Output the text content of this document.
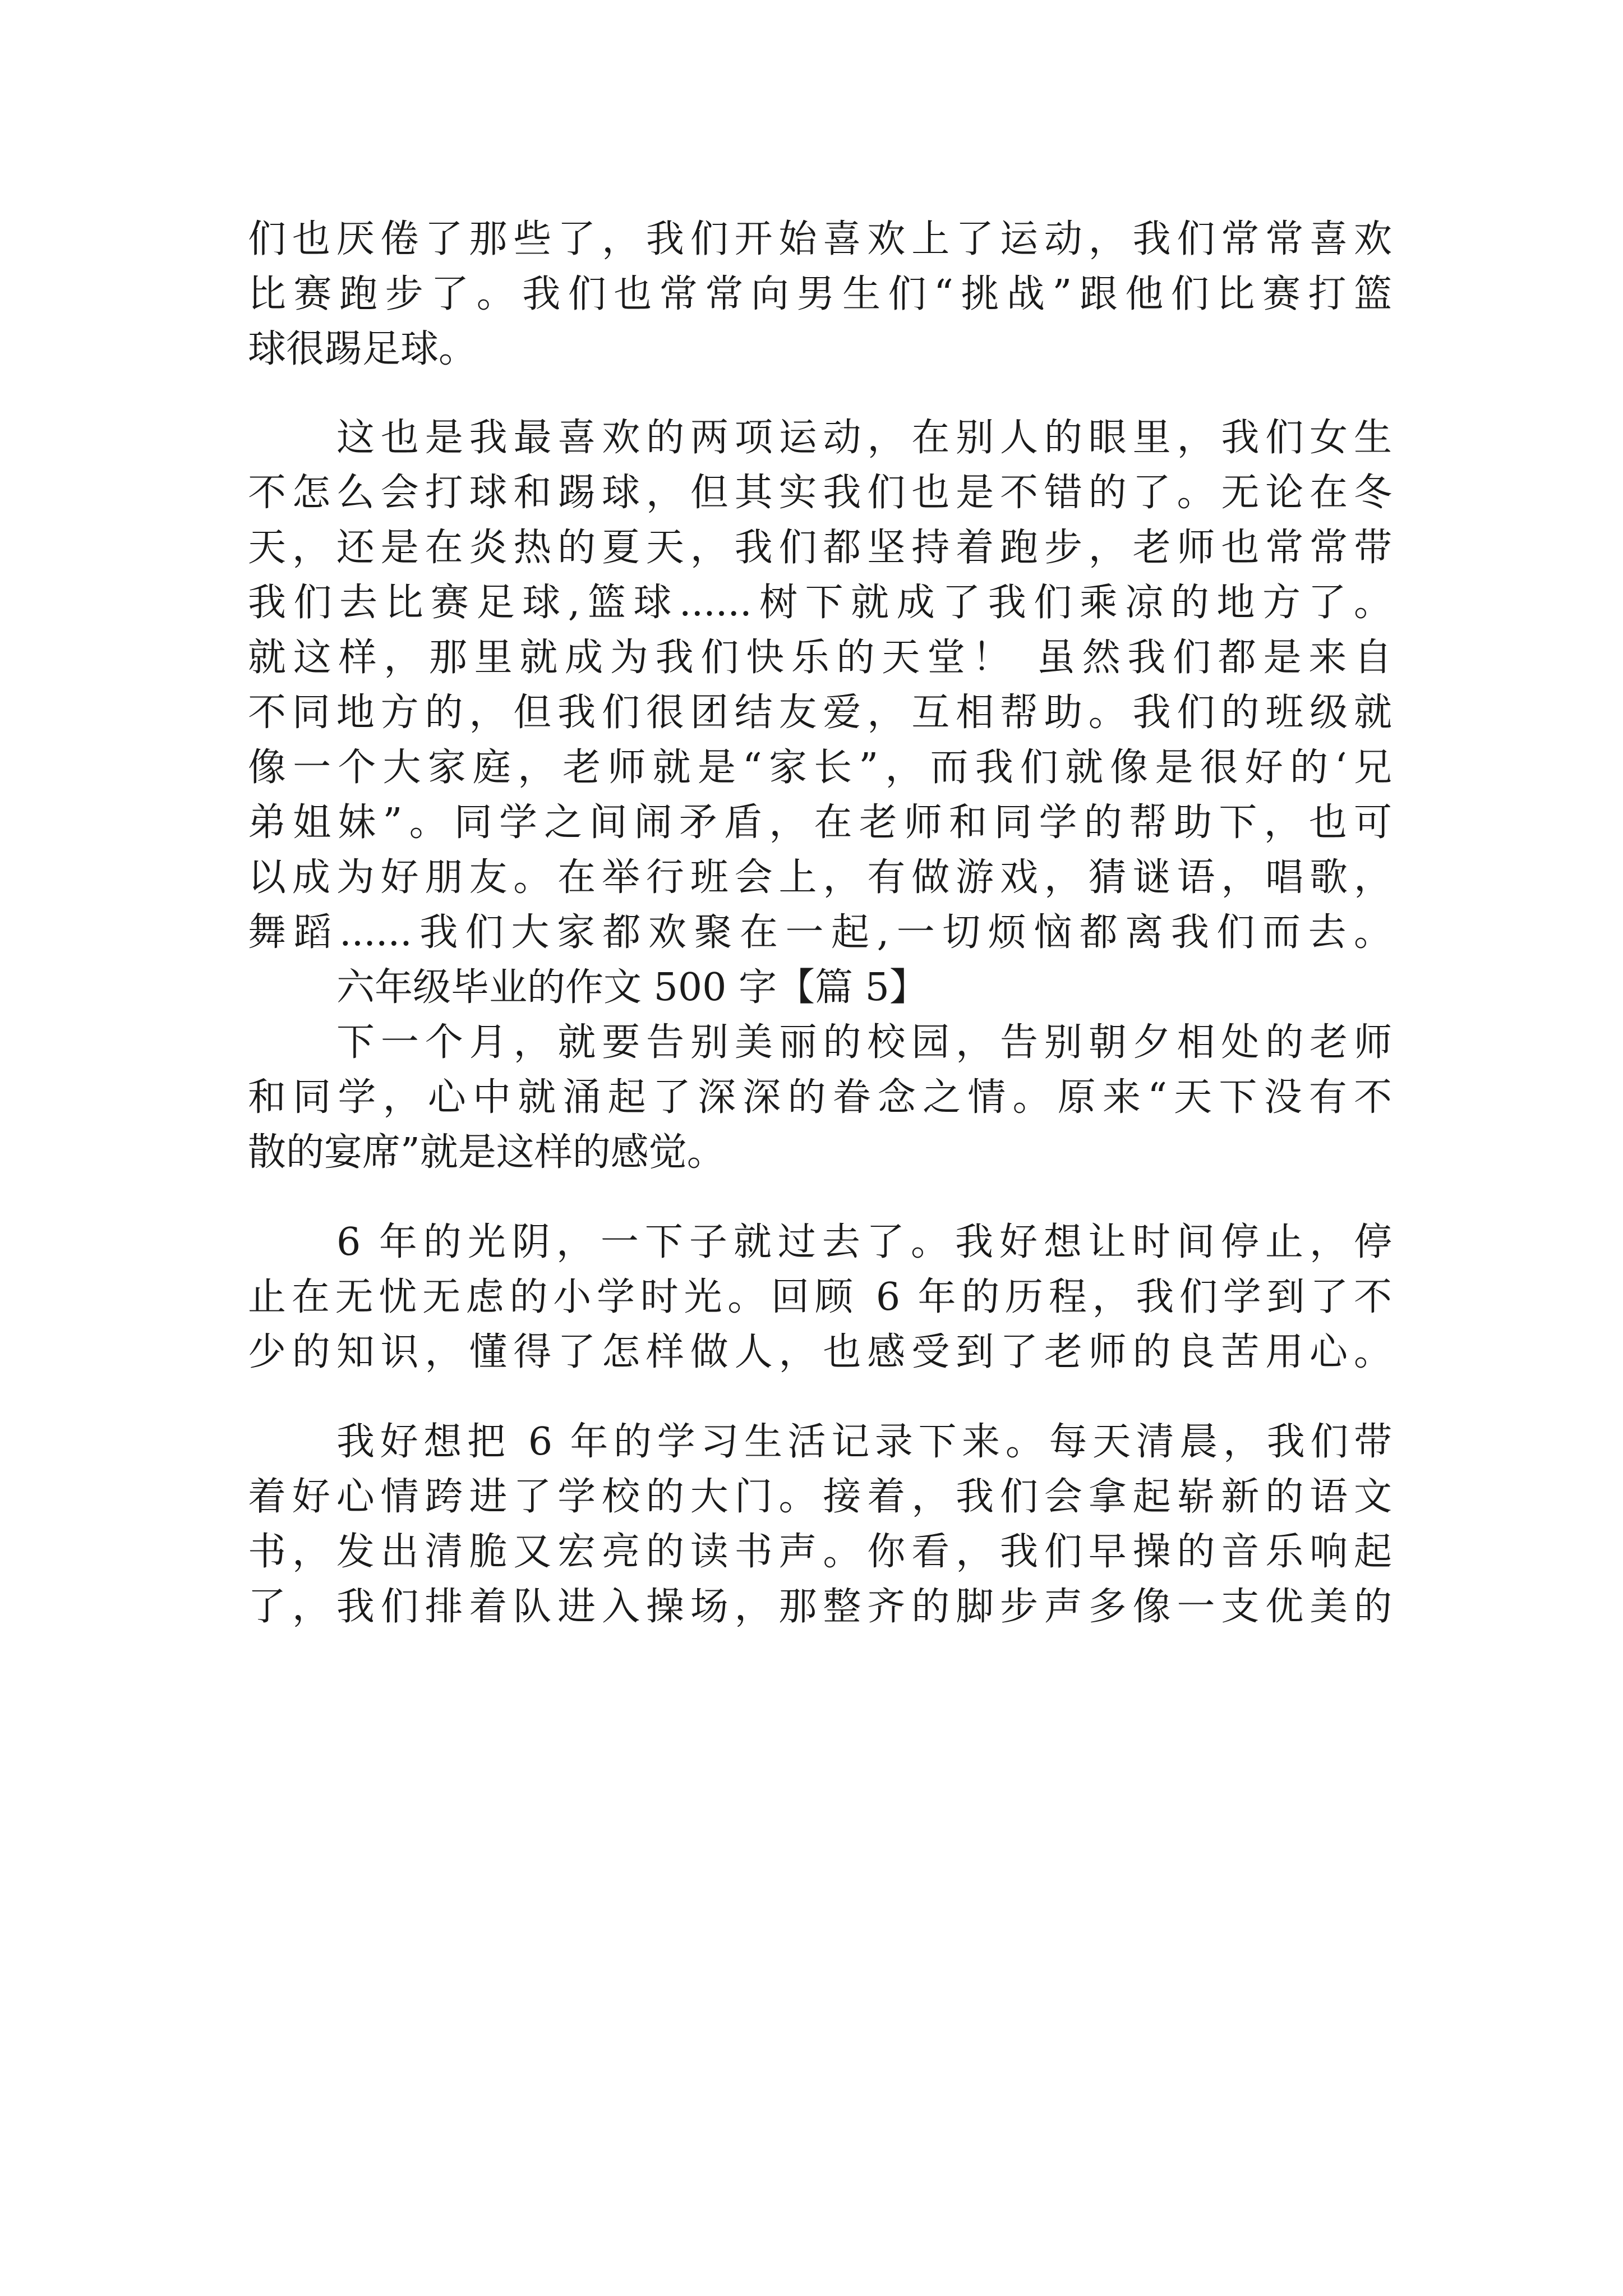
们也厌倦了那些了，我们开始喜欢上了运动，我们常常喜欢
比赛跑步了。我们也常常向男生们“挑战”跟他们比赛打篮
球很踢足球。
这也是我最喜欢的两项运动，在别人的眼里，我们女生
不怎么会打球和踢球，但其实我们也是不错的了。无论在冬
天，还是在炎热的夏天，我们都坚持着跑步，老师也常常带
我们去比赛足球,篮球......树下就成了我们乘凉的地方了。
就这样，那里就成为我们快乐的天堂！ 虽然我们都是来自
不同地方的，但我们很团结友爱，互相帮助。我们的班级就
像一个大家庭，老师就是“家长”，而我们就像是很好的‘兄
弟姐妹”。同学之间闹矛盾，在老师和同学的帮助下，也可
以成为好朋友。在举行班会上，有做游戏，猜谜语，唱歌，
舞蹈......我们大家都欢聚在一起,一切烦恼都离我们而去。
六年级毕业的作文 500 字【篇 5】
下一个月，就要告别美丽的校园，告别朝夕相处的老师
和同学，心中就涌起了深深的眷念之情。原来“天下没有不
散的宴席”就是这样的感觉。
6 年的光阴，一下子就过去了。我好想让时间停止，停
止在无忧无虑的小学时光。回顾 6 年的历程，我们学到了不
少的知识，懂得了怎样做人，也感受到了老师的良苦用心。
我好想把 6 年的学习生活记录下来。每天清晨，我们带
着好心情跨进了学校的大门。接着，我们会拿起崭新的语文
书，发出清脆又宏亮的读书声。你看，我们早操的音乐响起
了，我们排着队进入操场，那整齐的脚步声多像一支优美的
